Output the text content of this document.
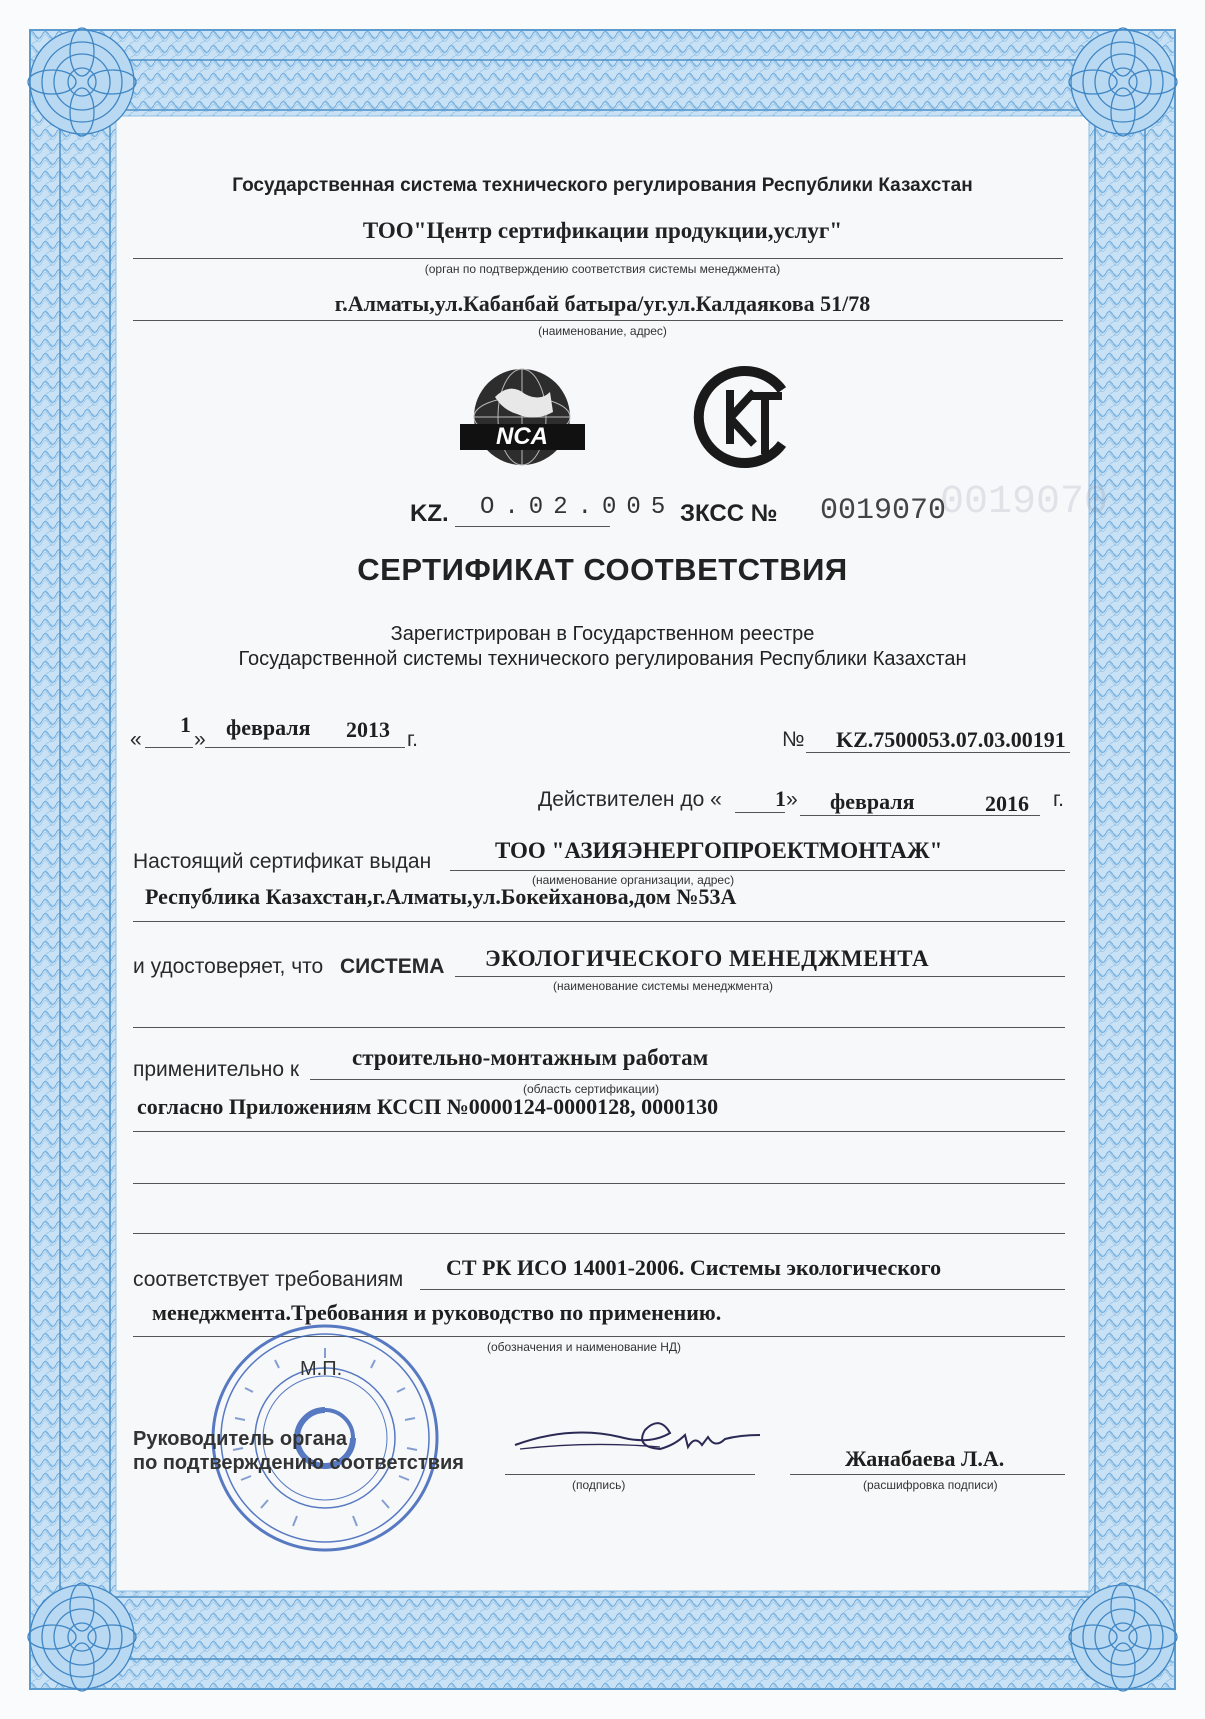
Государственная система технического регулирования Республики Казахстан
ТОО"Центр сертификации продукции,услуг"
(орган по подтверждению соответствия системы менеджмента)
г.Алматы,ул.Кабанбай батыра/уг.ул.Калдаякова 51/78
(наименование, адрес)
0019070
NCA
KZ. O.02.005 ЗКСС № 0019070
СЕРТИФИКАТ СООТВЕТСТВИЯ
Зарегистрирован в Государственном реестре
Государственной системы технического регулирования Республики Казахстан
«
1
» февраля 2013 г.	№ KZ.7500053.07.03.00191
Действителен до « 1 » февраля	2016 г.
Настоящий сертификат выдан	ТОО "АЗИЯЭНЕРГОПРОЕКТМОНТАЖ"
(наименование организации, адрес)
Республика Казахстан,г.Алматы,ул.Бокейханова,дом №53А
и удостоверяет, что СИСТЕМА ЭКОЛОГИЧЕСКОГО МЕНЕДЖМЕНТА
(наименование системы менеджмента)
применительно к строительно-монтажным работам
(область сертификации)
согласно Приложениям КССП №0000124-0000128, 0000130
соответствует требованиям СТ РК ИСО 14001-2006. Системы экологического
менеджмента.Требования и руководство по применению.
(обозначения и наименование НД)
М.П.
Руководитель органа
по подтверждению соответствия
(подпись)
Жанабаева Л.А.
(расшифровка подписи)
